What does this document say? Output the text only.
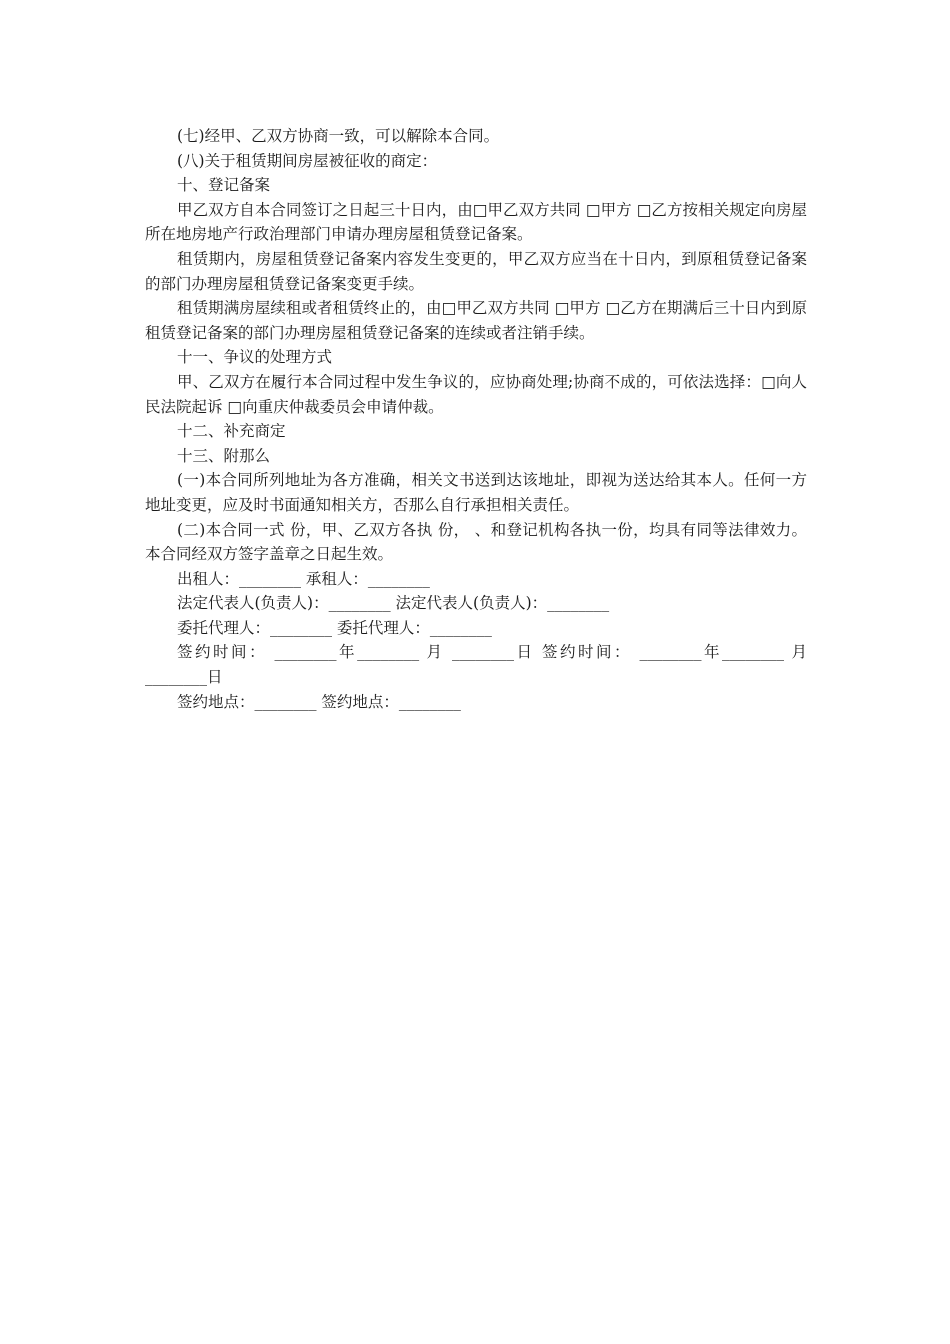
(七)经甲、乙双方协商一致，可以解除本合同。

(八)关于租赁期间房屋被征收的商定：

十、登记备案

甲乙双方自本合同签订之日起三十日内，由□甲乙双方共同 □甲方 □乙方按相关规定向房屋所在地房地产行政治理部门申请办理房屋租赁登记备案。

租赁期内，房屋租赁登记备案内容发生变更的，甲乙双方应当在十日内，到原租赁登记备案的部门办理房屋租赁登记备案变更手续。

租赁期满房屋续租或者租赁终止的，由□甲乙双方共同 □甲方 □乙方在期满后三十日内到原租赁登记备案的部门办理房屋租赁登记备案的连续或者注销手续。

十一、争议的处理方式

甲、乙双方在履行本合同过程中发生争议的，应协商处理;协商不成的，可依法选择：□向人民法院起诉 □向重庆仲裁委员会申请仲裁。

十二、补充商定

十三、附那么

(一)本合同所列地址为各方准确，相关文书送到达该地址，即视为送达给其本人。任何一方地址变更，应及时书面通知相关方，否那么自行承担相关责任。

(二)本合同一式 份，甲、乙双方各执 份， 、和登记机构各执一份，均具有同等法律效力。本合同经双方签字盖章之日起生效。

出租人：________ 承租人：________

法定代表人(负责人)：________ 法定代表人(负责人)：________

委托代理人：________ 委托代理人：________

签约时间： ________年________ 月 ________日 签约时间： ________年________ 月 ________日

签约地点：________ 签约地点：________
